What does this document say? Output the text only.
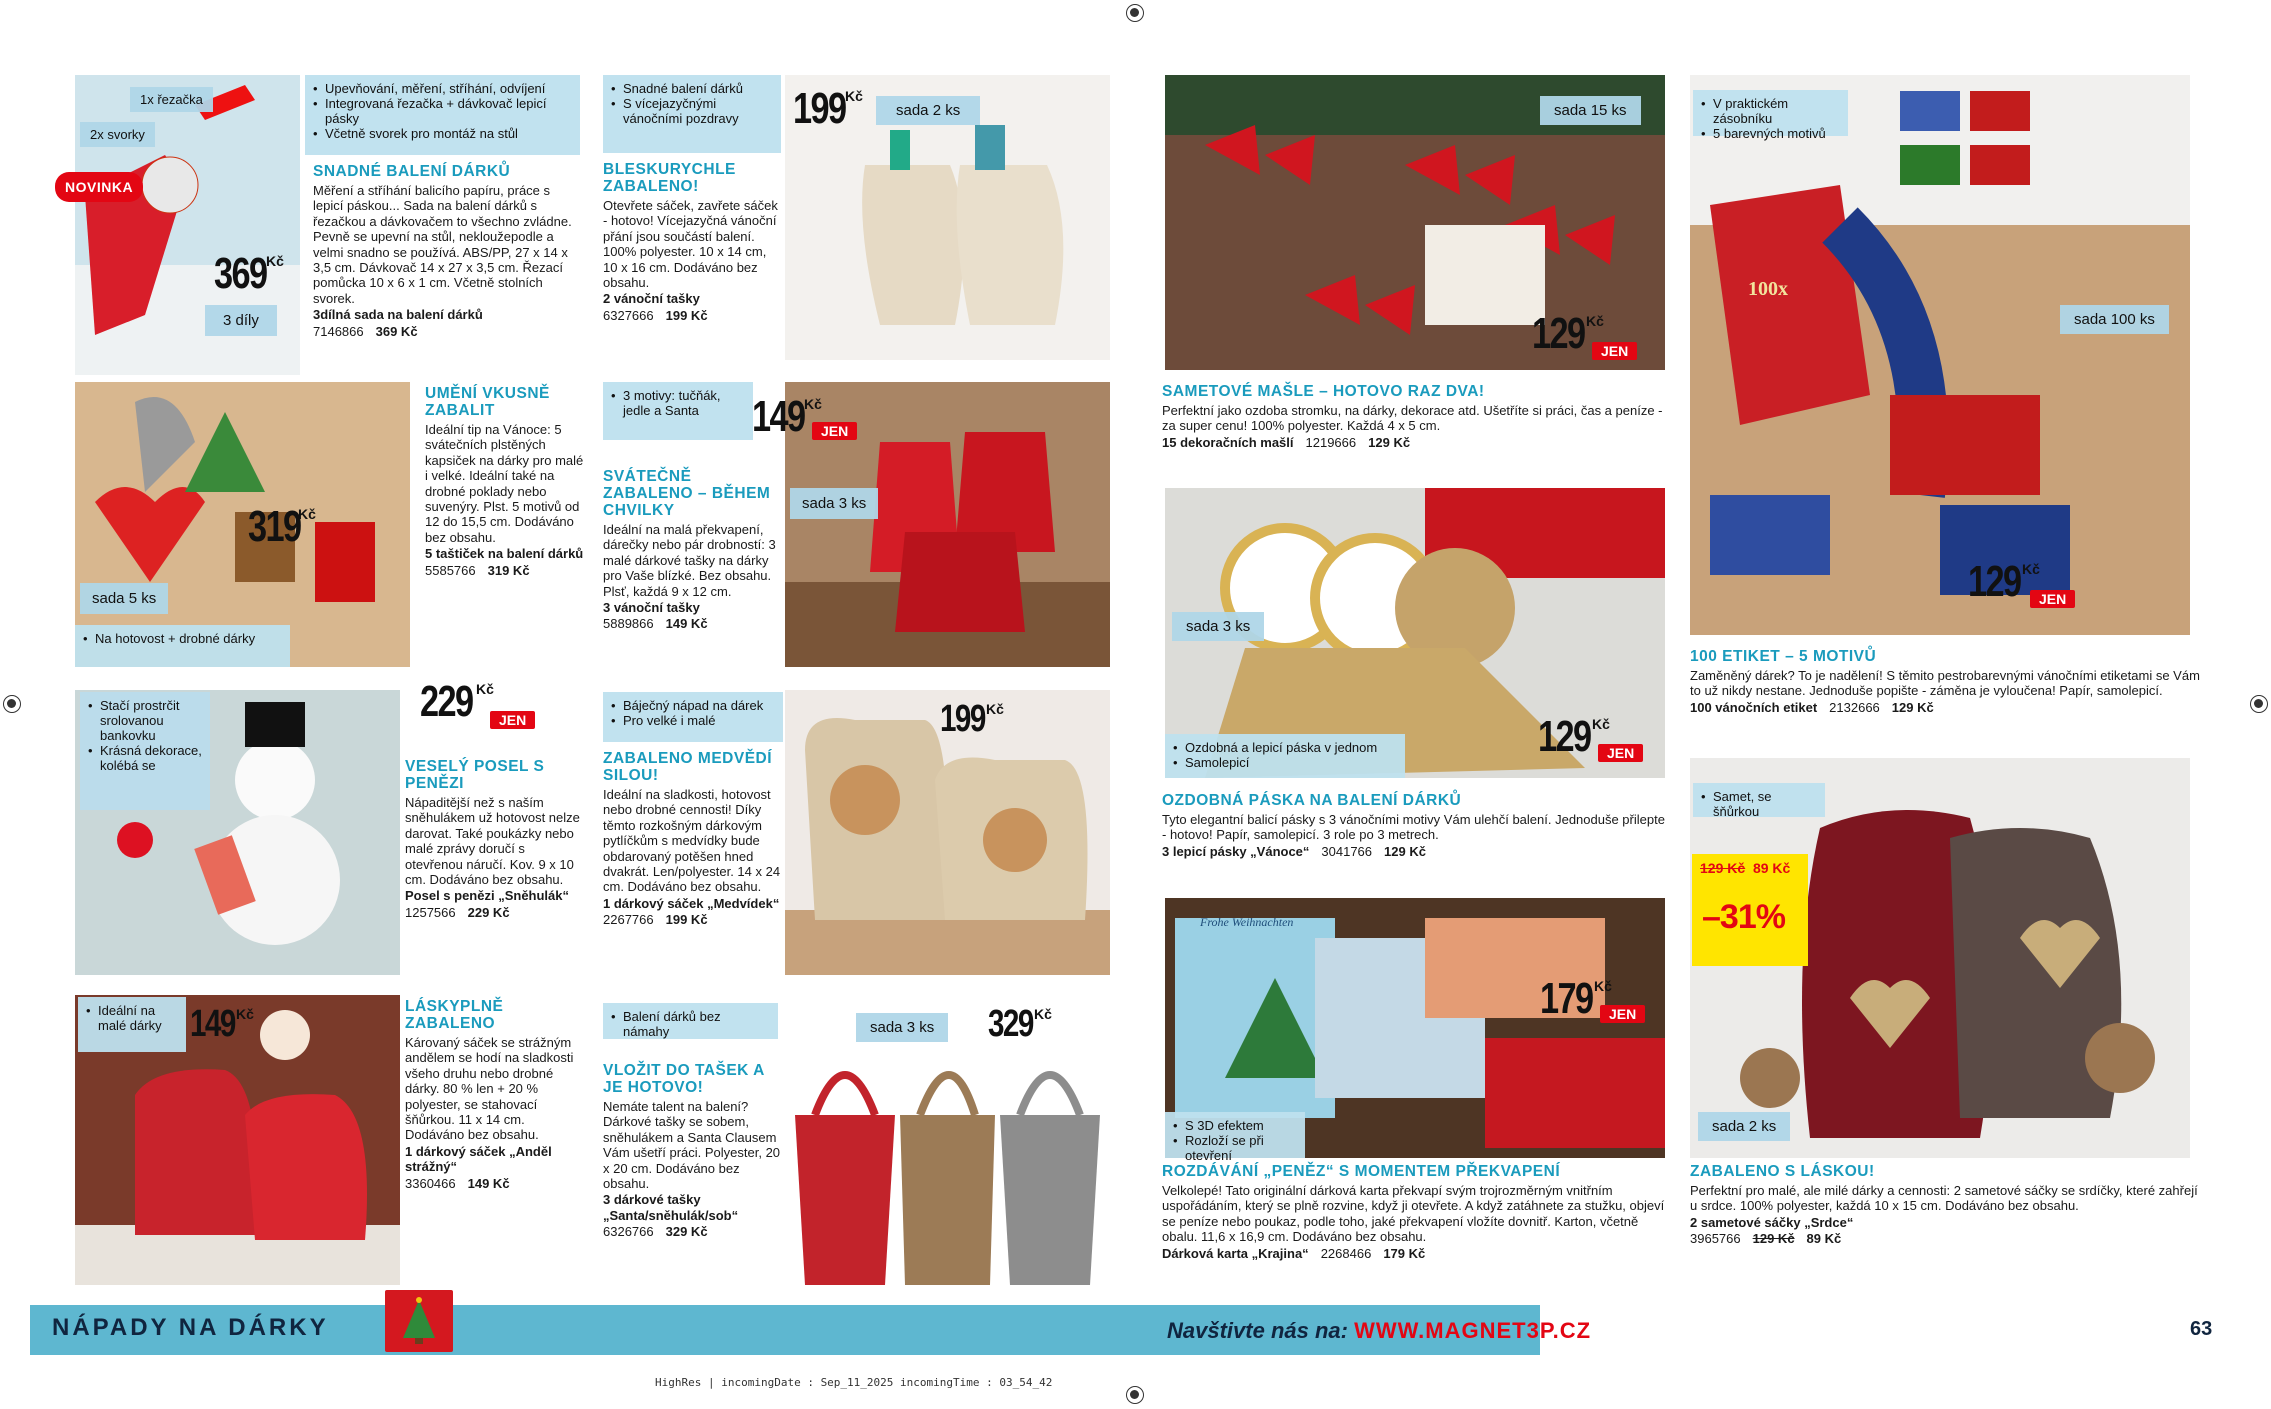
1x řezačka
2x svorky
NOVINKA
3 díly
369 Kč
• Upevňování, měření, stříhání, odvíjení
• Integrovaná řezačka + dávkovač lepicí pásky
• Včetně svorek pro montáž na stůl
SNADNÉ BALENÍ DÁRKŮ
Měření a stříhání balicího papíru, práce s lepicí páskou... Sada na balení dárků s řezačkou a dávkovačem to všechno zvládne. Pevně se upevní na stůl, nekloužepodle a velmi snadno se používá. ABS/PP, 27 x 14 x 3,5 cm. Dávkovač 14 x 27 x 3,5 cm. Řezací pomůcka 10 x 6 x 1 cm. Včetně stolních svorek.
3dílná sada na balení dárků
7146866 369 Kč
• Snadné balení dárků
• S vícejazyčnými vánočními pozdravy	sada 2 ks
199 Kč
BLESKURYCHLE ZABALENO!
Otevřete sáček, zavřete sáček - hotovo! Vícejazyčná vánoční přání jsou součástí balení. 100% polyester. 10 x 14 cm, 10 x 16 cm. Dodáváno bez obsahu.
2 vánoční tašky
6327666 199 Kč
sada 5 ks
319
Kč
• Na hotovost + drobné dárky
UMĚNÍ VKUSNĚ ZABALIT
Ideální tip na Vánoce: 5 svátečních plstěných kapsiček na dárky pro malé i velké. Ideální také na drobné poklady nebo suvenýry. Plst. 5 motivů od 12 do 15,5 cm. Dodáváno bez obsahu.
5 taštiček na balení dárků
5585766 319 Kč
• 3 motivy: tučňák, jedle a Santa
sada 3 ks
149 Kč
JEN
SVÁTEČNĚ ZABALENO – BĚHEM CHVILKY
Ideální na malá překvapení, dárečky nebo pár drobností: 3 malé dárkové tašky na dárky pro Vaše blízké. Bez obsahu. Plsť, každá 9 x 12 cm.
3 vánoční tašky
5889866 149 Kč
• Stačí prostrčit srolovanou bankovku
• Krásná dekorace, kolébá se
229 Kč
JEN
VESELÝ POSEL S PENĚZI
Nápaditější než s naším sněhulákem už hotovost nelze darovat. Také poukázky nebo malé zprávy doručí s otevřenou náručí. Kov. 9 x 10 cm. Dodáváno bez obsahu.
Posel s penězi „Sněhulák“
1257566 229 Kč
• Báječný nápad na dárek
• Pro velké i malé	199 Kč
ZABALENO MEDVĚDÍ SILOU!
Ideální na sladkosti, hotovost nebo drobné cennosti! Díky těmto rozkošným dárkovým pytlíčkům s medvídky bude obdarovaný potěšen hned dvakrát. Len/polyester. 14 x 24 cm. Dodáváno bez obsahu.
1 dárkový sáček „Medvídek“
2267766 199 Kč
• Ideální na malé dárky 149 Kč	LÁSKYPLNĚ ZABALENO
Károvaný sáček se strážným andělem se hodí na sladkosti všeho druhu nebo drobné dárky. 80 % len + 20 % polyester, se stahovací šňůrkou. 11 x 14 cm. Dodáváno bez obsahu.
1 dárkový sáček „Anděl strážný“
3360466 149 Kč
• Balení dárků bez námahy	sada 3 ks	329 Kč
VLOŽIT DO TAŠEK A JE HOTOVO!
Nemáte talent na balení? Dárkové tašky se sobem, sněhulákem a Santa Clausem Vám ušetří práci. Polyester, 20 x 20 cm. Dodáváno bez obsahu.
3 dárkové tašky „Santa/sněhulák/sob“
6326766 329 Kč
sada 15 ks
129 Kč
JEN
SAMETOVÉ MAŠLE – HOTOVO RAZ DVA!
Perfektní jako ozdoba stromku, na dárky, dekorace atd. Ušetříte si práci, čas a peníze - za super cenu! 100% polyester. Každá 4 x 5 cm.
15 dekoračních mašlí 1219666 129 Kč
• V praktickém zásobníku
• 5 barevných motivů
100x
sada 100 ks
129 Kč
JEN
100 ETIKET – 5 MOTIVŮ
Zaměněný dárek? To je nadělení! S těmito pestrobarevnými vánočními etiketami se Vám to už nikdy nestane. Jednoduše popište - záměna je vyloučena! Papír, samolepicí.
100 vánočních etiket 2132666 129 Kč
sada 3 ks
• Ozdobná a lepicí páska v jednom
• Samolepicí
129 Kč
JEN
OZDOBNÁ PÁSKA NA BALENÍ DÁRKŮ
Tyto elegantní balicí pásky s 3 vánočními motivy Vám ulehčí balení. Jednoduše přilepte - hotovo! Papír, samolepicí. 3 role po 3 metrech.
3 lepicí pásky „Vánoce“ 3041766 129 Kč
Frohe Weihnachten
• S 3D efektem
• Rozloží se při otevření
179 Kč
JEN
ROZDÁVÁNÍ „PENĚZ“ S MOMENTEM PŘEKVAPENÍ
Velkolepé! Tato originální dárková karta překvapí svým trojrozměrným vnitřním uspořádáním, který se plně rozvine, když ji otevřete. A když zatáhnete za stužku, objeví se peníze nebo poukaz, podle toho, jaké překvapení vložíte dovnitř. Karton, včetně obalu. 11,6 x 16,9 cm. Dodáváno bez obsahu.
Dárková karta „Krajina“ 2268466 179 Kč
• Samet, se šňůrkou
129 Kč 89 Kč
–31%
sada 2 ks
ZABALENO S LÁSKOU!
Perfektní pro malé, ale milé dárky a cennosti: 2 sametové sáčky se srdíčky, které zahřejí u srdce. 100% polyester, každá 10 x 15 cm. Dodáváno bez obsahu.
2 sametové sáčky „Srdce“
3965766 129 Kč 89 Kč
NÁPADY NA DÁRKY	Navštivte nás na: WWW.MAGNET3P.CZ	63
HighRes | incomingDate : Sep_11_2025 incomingTime : 03_54_42
